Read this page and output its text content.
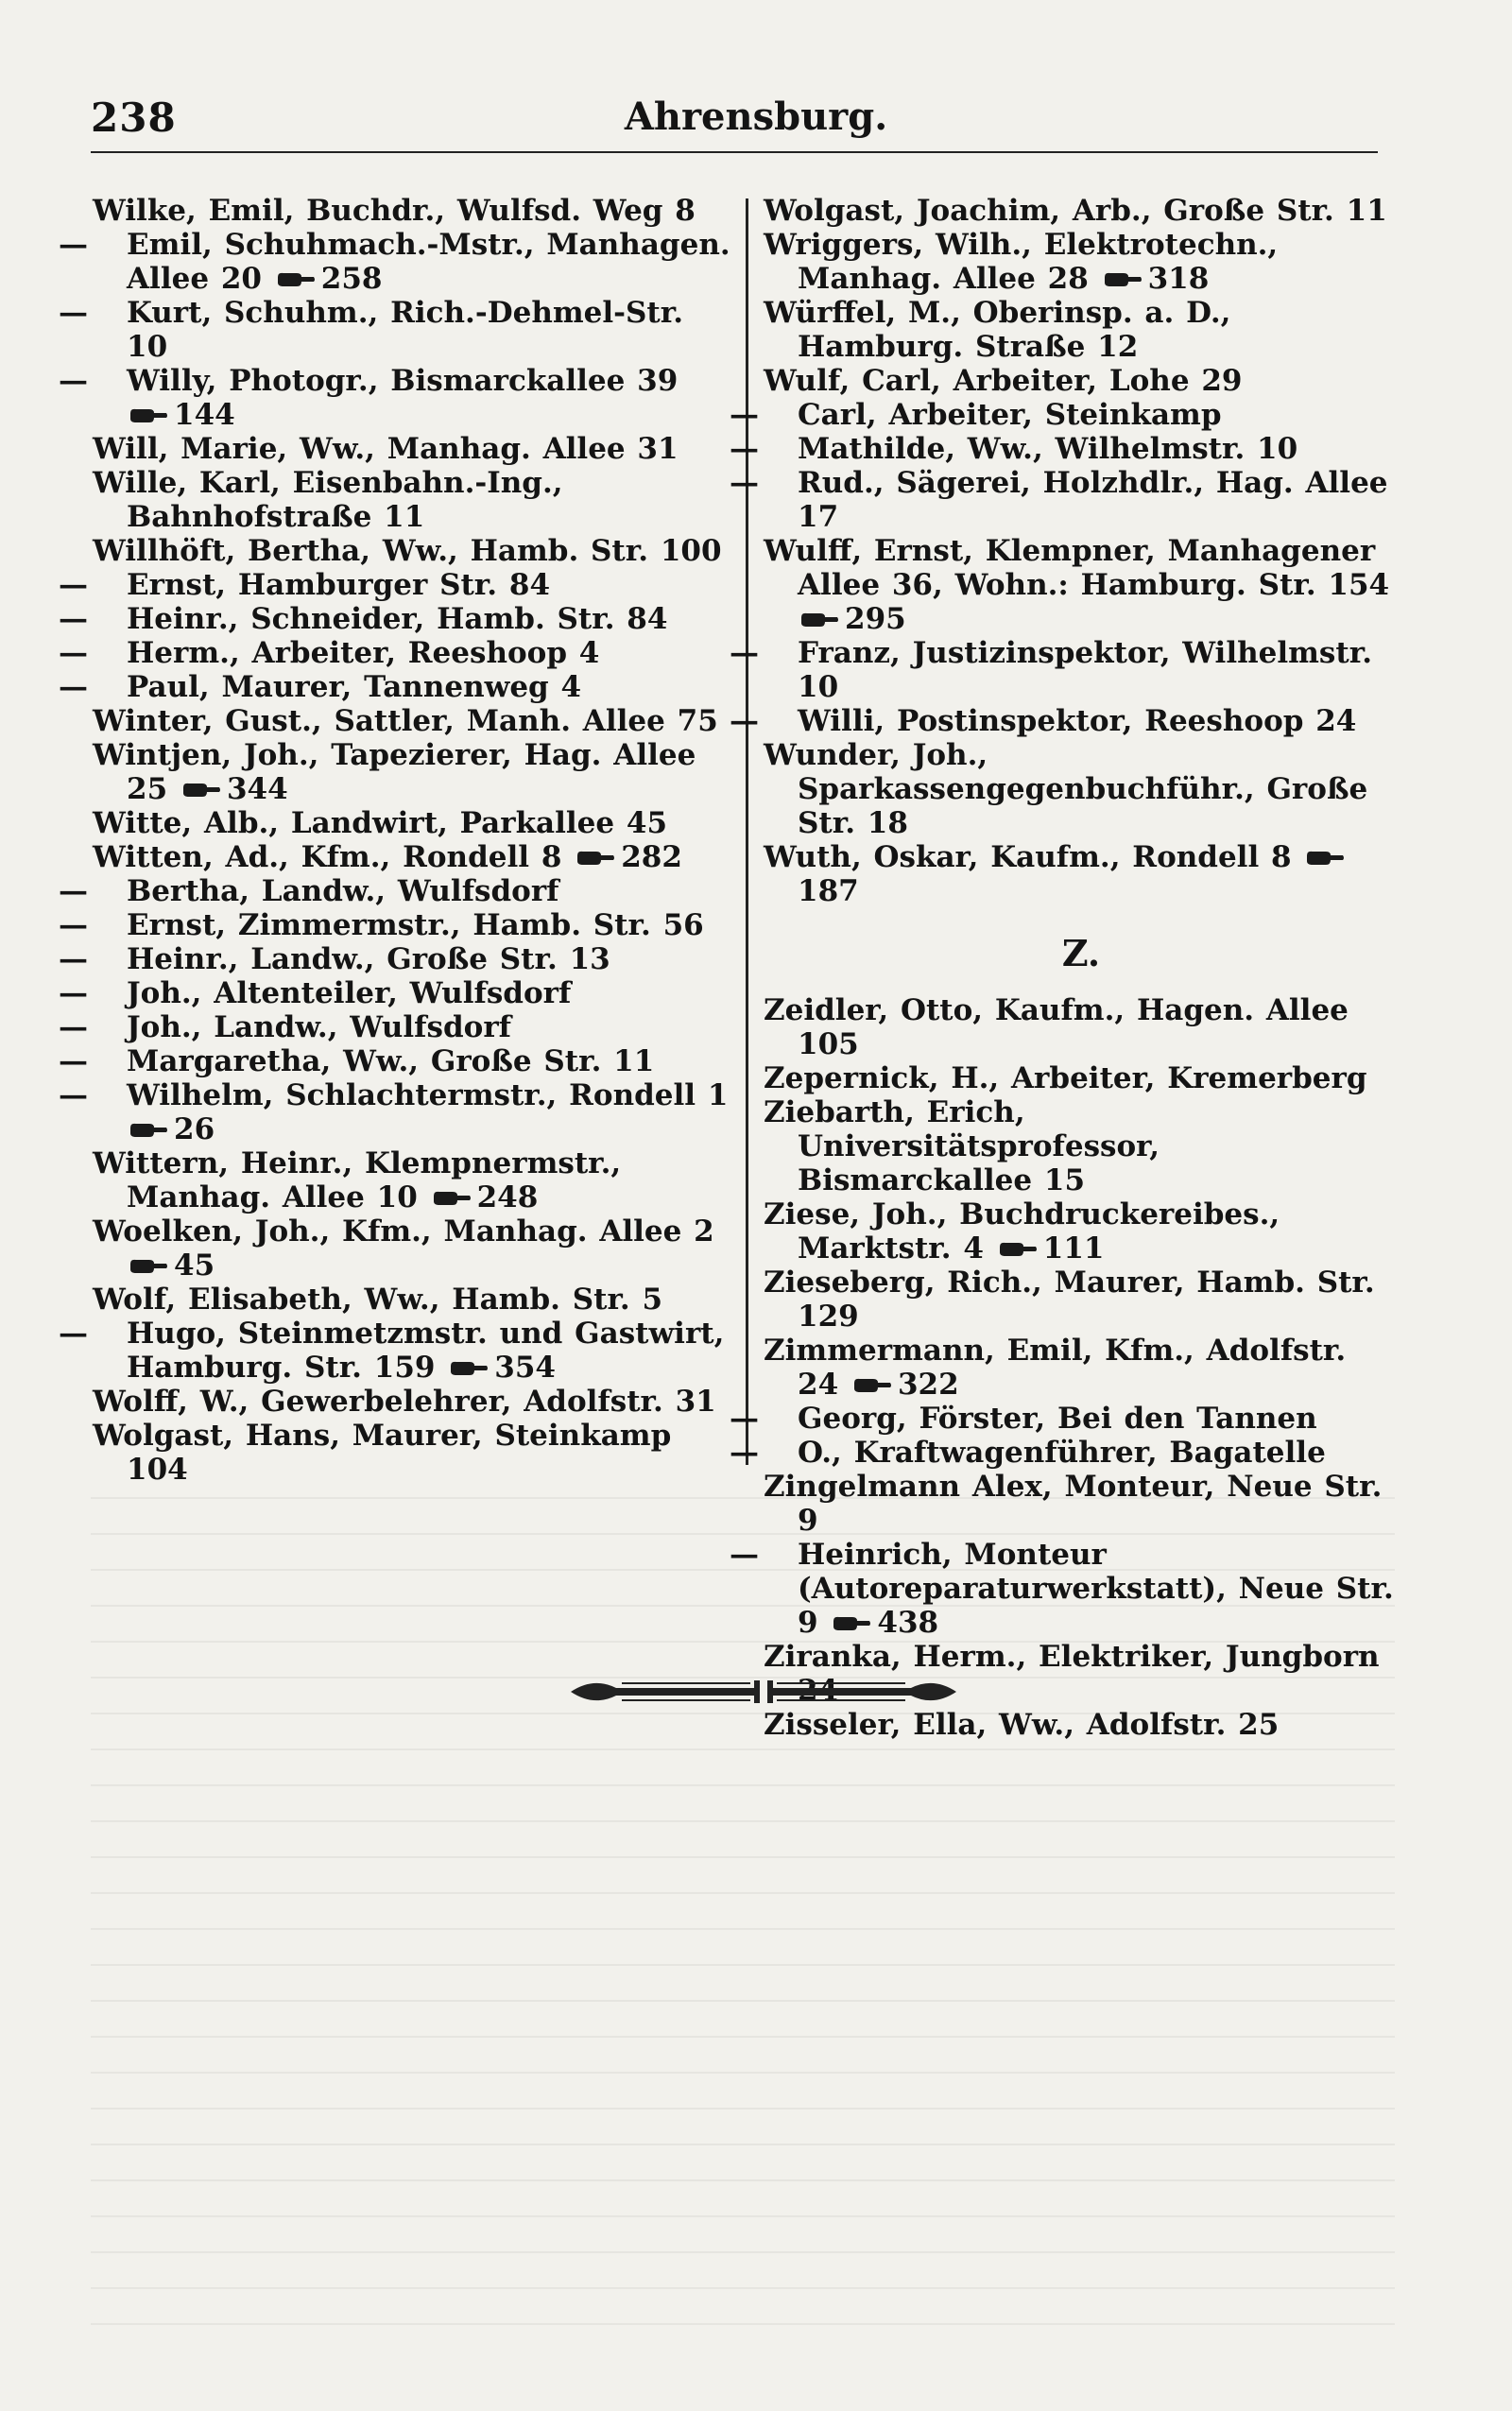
238	Ahrensburg.
Wilke, Emil, Buchdr., Wulfsd. Weg 8
— Emil, Schuhmach.-Mstr., Manhagen. Allee 20 258
— Kurt, Schuhm., Rich.-Dehmel-Str. 10
— Willy, Photogr., Bismarckallee 39 144
Will, Marie, Ww., Manhag. Allee 31
Wille, Karl, Eisenbahn.-Ing., Bahnhofstraße 11
Willhöft, Bertha, Ww., Hamb. Str. 100
— Ernst, Hamburger Str. 84
— Heinr., Schneider, Hamb. Str. 84
— Herm., Arbeiter, Reeshoop 4
— Paul, Maurer, Tannenweg 4
Winter, Gust., Sattler, Manh. Allee 75
Wintjen, Joh., Tapezierer, Hag. Allee 25 344
Witte, Alb., Landwirt, Parkallee 45
Witten, Ad., Kfm., Rondell 8 282
— Bertha, Landw., Wulfsdorf
— Ernst, Zimmermstr., Hamb. Str. 56
— Heinr., Landw., Große Str. 13
— Joh., Altenteiler, Wulfsdorf
— Joh., Landw., Wulfsdorf
— Margaretha, Ww., Große Str. 11
— Wilhelm, Schlachtermstr., Rondell 1 26
Wittern, Heinr., Klempnermstr., Manhag. Allee 10 248
Woelken, Joh., Kfm., Manhag. Allee 2 45
Wolf, Elisabeth, Ww., Hamb. Str. 5
— Hugo, Steinmetzmstr. und Gastwirt, Hamburg. Str. 159 354
Wolff, W., Gewerbelehrer, Adolfstr. 31
Wolgast, Hans, Maurer, Steinkamp 104
Wolgast, Joachim, Arb., Große Str. 11
Wriggers, Wilh., Elektrotechn., Manhag. Allee 28 318
Würffel, M., Oberinsp. a. D., Hamburg. Straße 12
Wulf, Carl, Arbeiter, Lohe 29
— Carl, Arbeiter, Steinkamp
— Mathilde, Ww., Wilhelmstr. 10
— Rud., Sägerei, Holzhdlr., Hag. Allee 17
Wulff, Ernst, Klempner, Manhagener Allee 36, Wohn.: Hamburg. Str. 154 295
— Franz, Justizinspektor, Wilhelmstr. 10
— Willi, Postinspektor, Reeshoop 24
Wunder, Joh., Sparkassengegenbuchführ., Große Str. 18
Wuth, Oskar, Kaufm., Rondell 8 187
Z.
Zeidler, Otto, Kaufm., Hagen. Allee 105
Zepernick, H., Arbeiter, Kremerberg
Ziebarth, Erich, Universitätsprofessor, Bismarckallee 15
Ziese, Joh., Buchdruckereibes., Marktstr. 4 111
Zieseberg, Rich., Maurer, Hamb. Str. 129
Zimmermann, Emil, Kfm., Adolfstr. 24 322
— Georg, Förster, Bei den Tannen
— O., Kraftwagenführer, Bagatelle
Zingelmann Alex, Monteur, Neue Str. 9
— Heinrich, Monteur (Autoreparaturwerkstatt), Neue Str. 9 438
Ziranka, Herm., Elektriker, Jungborn
Zisseler, Ella, Ww., Adolfstr. 25
